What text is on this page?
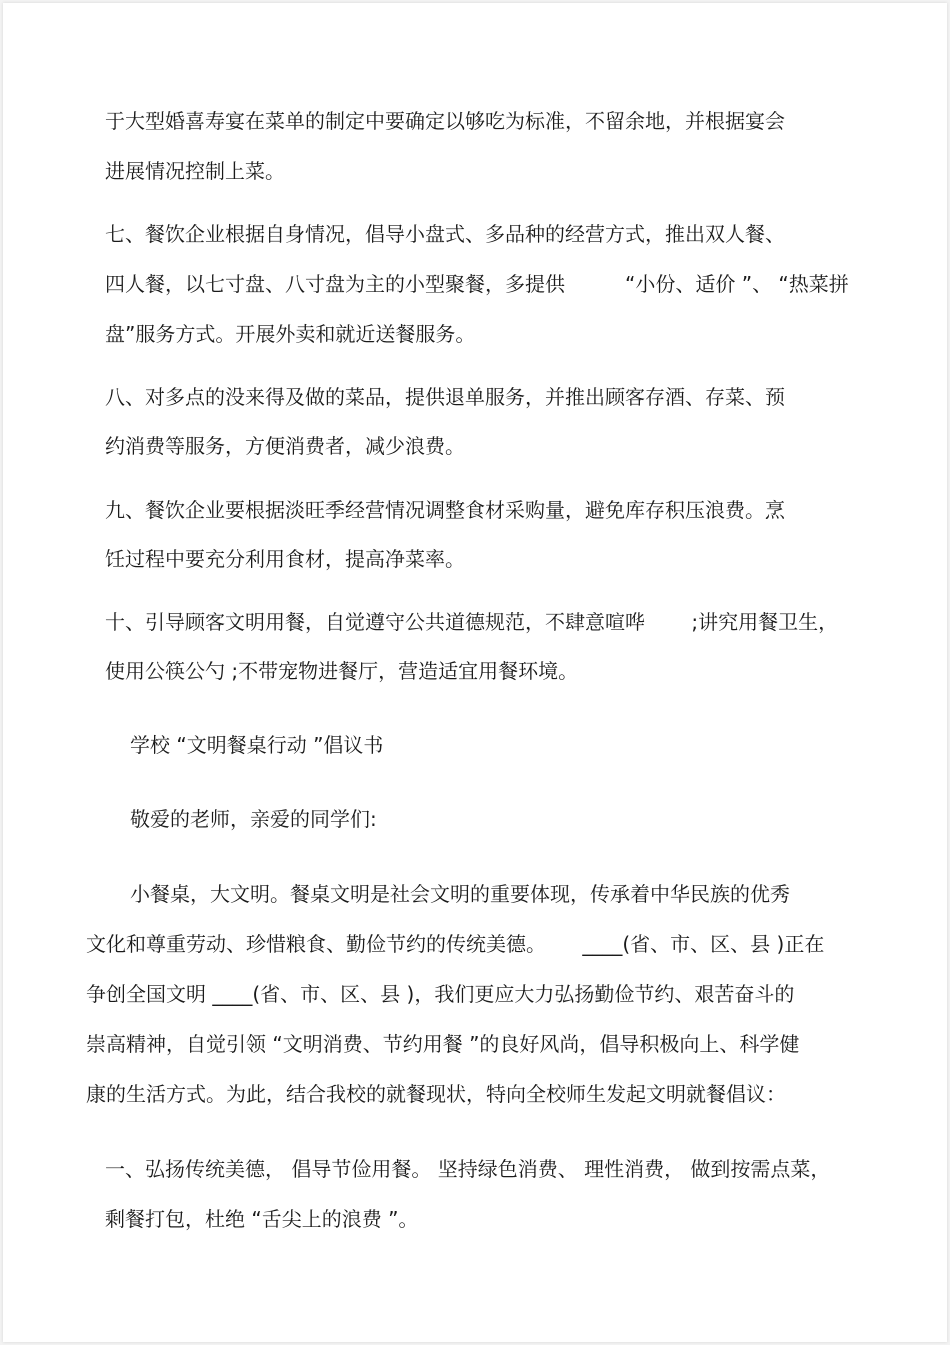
于大型婚喜寿宴在菜单的制定中要确定以够吃为标准，不留余地，并根据宴会

进展情况控制上菜。

七、餐饮企业根据自身情况，倡导小盘式、多品种的经营方式，推出双人餐、

四人餐，以七寸盘、八寸盘为主的小型聚餐，多提供　　　“小份、适价 ”、 “热菜拼

盘”服务方式。开展外卖和就近送餐服务。

八、对多点的没来得及做的菜品，提供退单服务，并推出顾客存酒、存菜、预

约消费等服务，方便消费者，减少浪费。

九、餐饮企业要根据淡旺季经营情况调整食材采购量，避免库存积压浪费。烹

饪过程中要充分利用食材，提高净菜率。

十、引导顾客文明用餐，自觉遵守公共道德规范，不肆意喧哗　　 ;讲究用餐卫生，

使用公筷公勺 ;不带宠物进餐厅，营造适宜用餐环境。

学校 “文明餐桌行动 ”倡议书

敬爱的老师，亲爱的同学们:

小餐桌，大文明。餐桌文明是社会文明的重要体现，传承着中华民族的优秀

文化和尊重劳动、珍惜粮食、勤俭节约的传统美德。　　 ____(省、市、区、县 )正在

争创全国文明 ____(省、市、区、县 )，我们更应大力弘扬勤俭节约、艰苦奋斗的

崇高精神，自觉引领 “文明消费、节约用餐 ”的良好风尚，倡导积极向上、科学健

康的生活方式。为此，结合我校的就餐现状，特向全校师生发起文明就餐倡议：

一、弘扬传统美德， 倡导节俭用餐。 坚持绿色消费、 理性消费， 做到按需点菜，

剩餐打包，杜绝 “舌尖上的浪费 ”。
